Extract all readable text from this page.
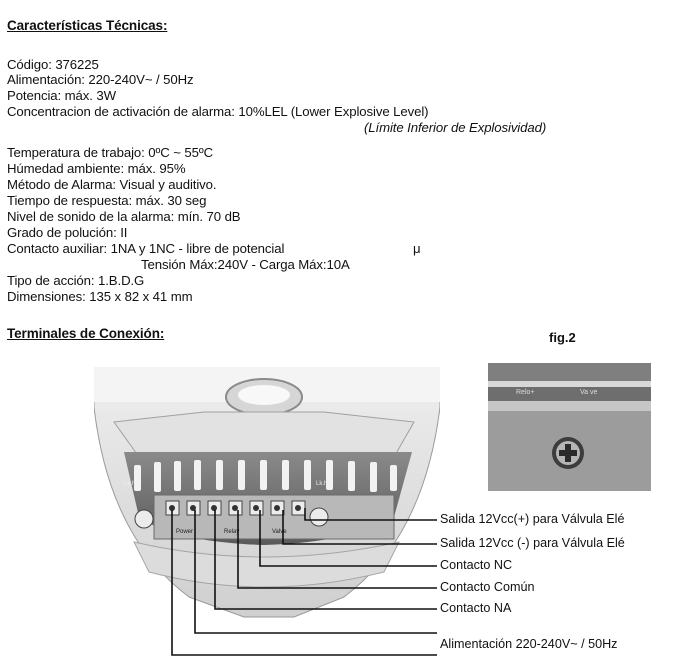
Características Técnicas:
Código: 376225
Alimentación: 220-240V~ / 50Hz
Potencia: máx. 3W
Concentracion de activación de alarma: 10%LEL (Lower Explosive Level)
(Límite Inferior de Explosividad)
Temperatura de trabajo: 0ºC ~ 55ºC
Húmedad ambiente: máx. 95%
Método de Alarma: Visual y auditivo.
Tiempo de respuesta: máx. 30 seg
Nivel de sonido de la alarma: mín. 70 dB
Grado de polución: II
Contacto auxiliar: 1NA y 1NC - libre de potencial	μ
Tensión Máx:240V - Carga Máx:10A
Tipo de acción: 1.B.D.G
Dimensiones: 135 x 82 x 41 mm
Terminales de Conexión:	fig.2
Lk.h
Power	Relay	Valve
Lk.h
Relo+	Va ve
Salida 12Vcc(+) para Válvula Elé
Salida 12Vcc (-) para Válvula Elé
Contacto NC
Contacto Común
Contacto NA
Alimentación 220-240V~ / 50Hz
